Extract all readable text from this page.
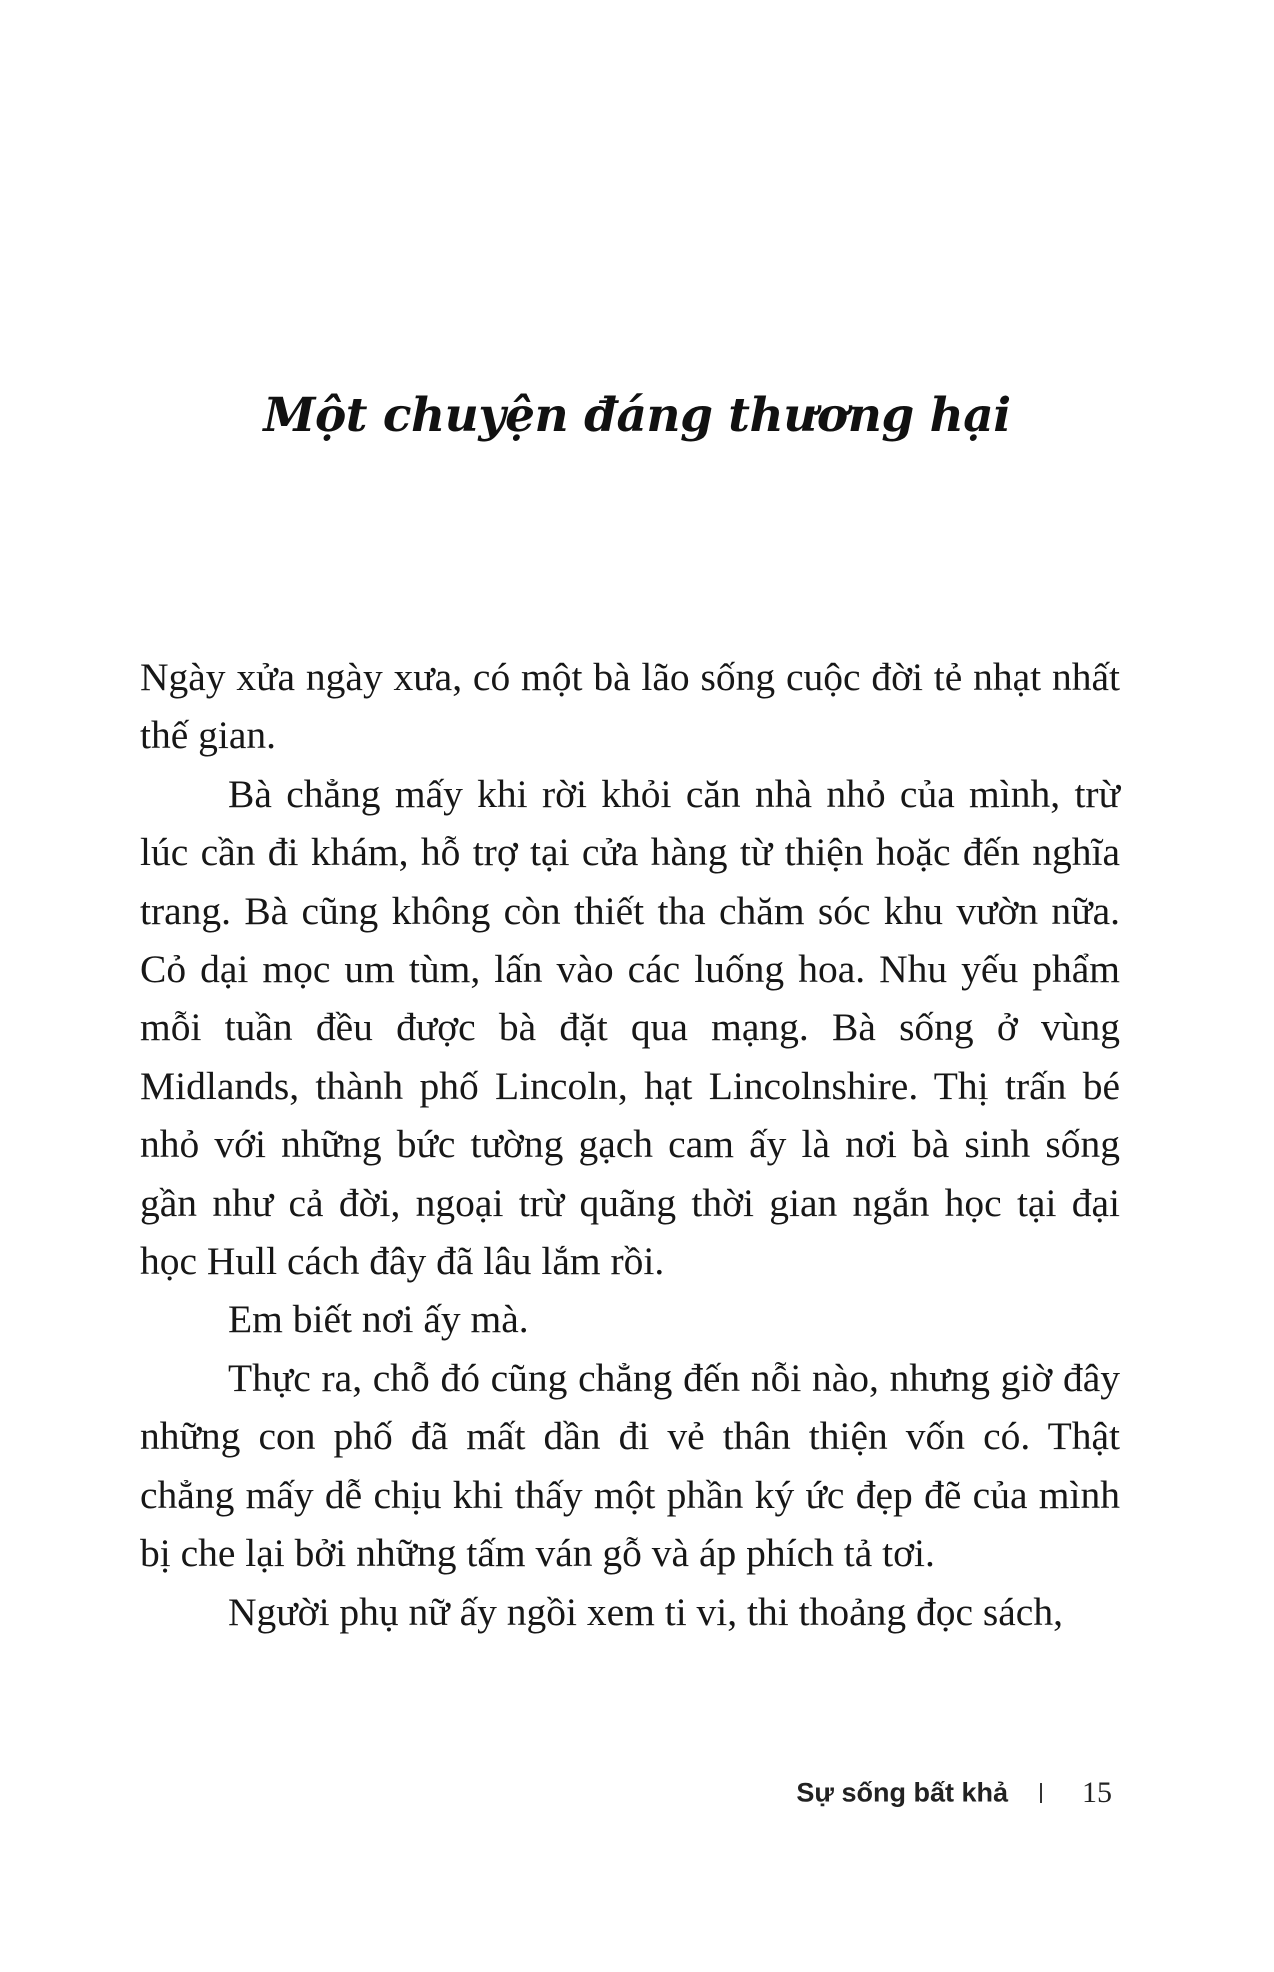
Một chuyện đáng thương hại

Ngày xửa ngày xưa, có một bà lão sống cuộc đời tẻ nhạt nhất thế gian.

Bà chẳng mấy khi rời khỏi căn nhà nhỏ của mình, trừ lúc cần đi khám, hỗ trợ tại cửa hàng từ thiện hoặc đến nghĩa trang. Bà cũng không còn thiết tha chăm sóc khu vườn nữa. Cỏ dại mọc um tùm, lấn vào các luống hoa. Nhu yếu phẩm mỗi tuần đều được bà đặt qua mạng. Bà sống ở vùng Midlands, thành phố Lincoln, hạt Lincolnshire. Thị trấn bé nhỏ với những bức tường gạch cam ấy là nơi bà sinh sống gần như cả đời, ngoại trừ quãng thời gian ngắn học tại đại học Hull cách đây đã lâu lắm rồi.

Em biết nơi ấy mà.

Thực ra, chỗ đó cũng chẳng đến nỗi nào, nhưng giờ đây những con phố đã mất dần đi vẻ thân thiện vốn có. Thật chẳng mấy dễ chịu khi thấy một phần ký ức đẹp đẽ của mình bị che lại bởi những tấm ván gỗ và áp phích tả tơi.

Người phụ nữ ấy ngồi xem ti vi, thi thoảng đọc sách,

Sự sống bất khả 15
